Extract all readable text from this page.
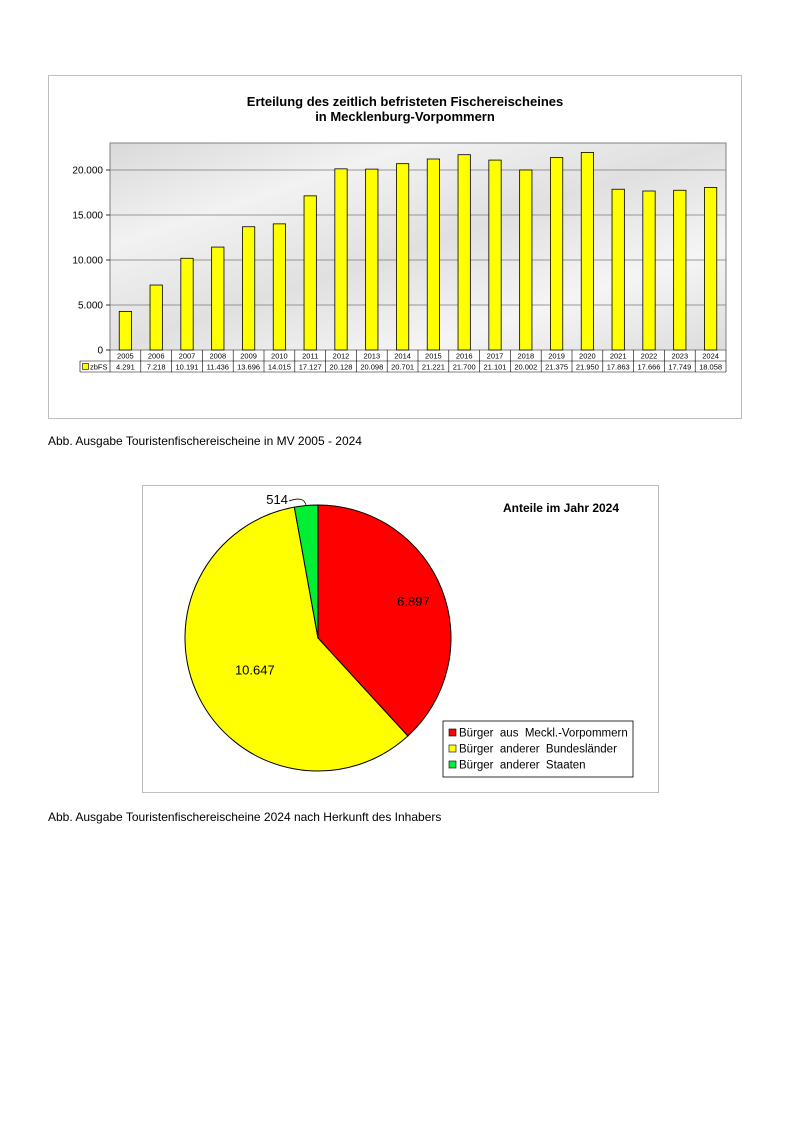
Erteilung des zeitlich befristeten Fischereischeines
in Mecklenburg-Vorpommern
0
5.000
10.000
15.000
20.000
2005
4.291
2006
7.218
2007
10.191
2008
11.436
2009
13.696
2010
14.015
2011
17.127
2012
20.128
2013
20.098
2014
20.701
2015
21.221
2016
21.700
2017
21.101
2018
20.002
2019
21.375
2020
21.950
2021
17.863
2022
17.666
2023
17.749
2024
18.058
zbFS
Abb. Ausgabe Touristenfischereischeine in MV 2005 - 2024
Anteile im Jahr 2024
6.897
10.647
514
Bürger  aus  Meckl.-Vorpommern
Bürger  anderer  Bundesländer
Bürger  anderer  Staaten
Abb. Ausgabe Touristenfischereischeine 2024 nach Herkunft des Inhabers
